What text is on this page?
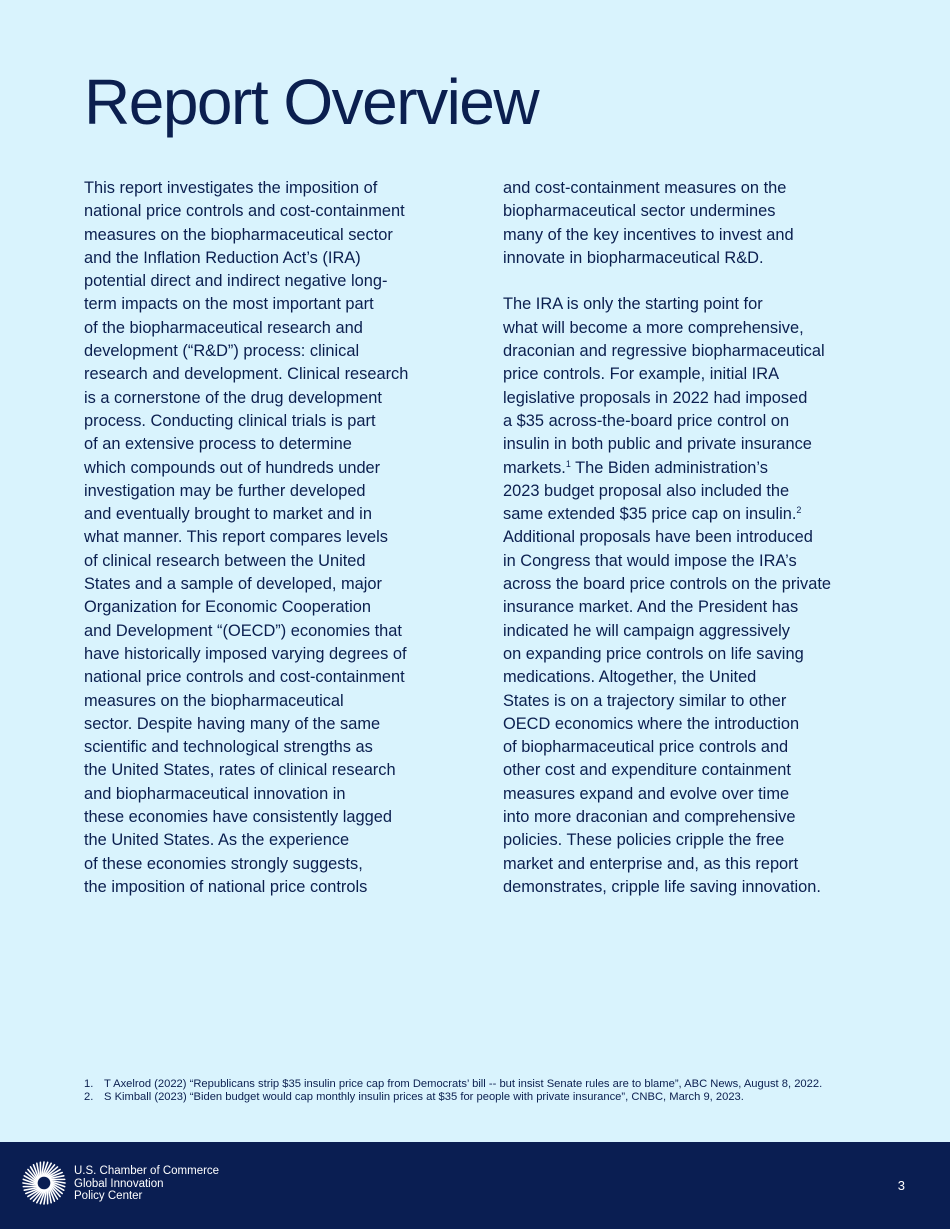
Report Overview
This report investigates the imposition of
national price controls and cost-containment
measures on the biopharmaceutical sector
and the Inflation Reduction Act’s (IRA)
potential direct and indirect negative long-
term impacts on the most important part
of the biopharmaceutical research and
development (“R&D”) process: clinical
research and development. Clinical research
is a cornerstone of the drug development
process. Conducting clinical trials is part
of an extensive process to determine
which compounds out of hundreds under
investigation may be further developed
and eventually brought to market and in
what manner. This report compares levels
of clinical research between the United
States and a sample of developed, major
Organization for Economic Cooperation
and Development “(OECD”) economies that
have historically imposed varying degrees of
national price controls and cost-containment
measures on the biopharmaceutical
sector. Despite having many of the same
scientific and technological strengths as
the United States, rates of clinical research
and biopharmaceutical innovation in
these economies have consistently lagged
the United States. As the experience
of these economies strongly suggests,
the imposition of national price controls
and cost-containment measures on the
biopharmaceutical sector undermines
many of the key incentives to invest and
innovate in biopharmaceutical R&D.
The IRA is only the starting point for
what will become a more comprehensive,
draconian and regressive biopharmaceutical
price controls. For example, initial IRA
legislative proposals in 2022 had imposed
a $35 across-the-board price control on
insulin in both public and private insurance
markets.$^1$ The Biden administration’s
2023 budget proposal also included the
same extended $35 price cap on insulin.$^2$
Additional proposals have been introduced
in Congress that would impose the IRA’s
across the board price controls on the private
insurance market. And the President has
indicated he will campaign aggressively
on expanding price controls on life saving
medications. Altogether, the United
States is on a trajectory similar to other
OECD economics where the introduction
of biopharmaceutical price controls and
other cost and expenditure containment
measures expand and evolve over time
into more draconian and comprehensive
policies. These policies cripple the free
market and enterprise and, as this report
demonstrates, cripple life saving innovation.
1. T Axelrod (2022) “Republicans strip $35 insulin price cap from Democrats’ bill -- but insist Senate rules are to blame”, ABC News, August 8, 2022.
2. S Kimball (2023) “Biden budget would cap monthly insulin prices at $35 for people with private insurance”, CNBC, March 9, 2023.
U.S. Chamber of Commerce
Global Innovation
Policy Center
3
